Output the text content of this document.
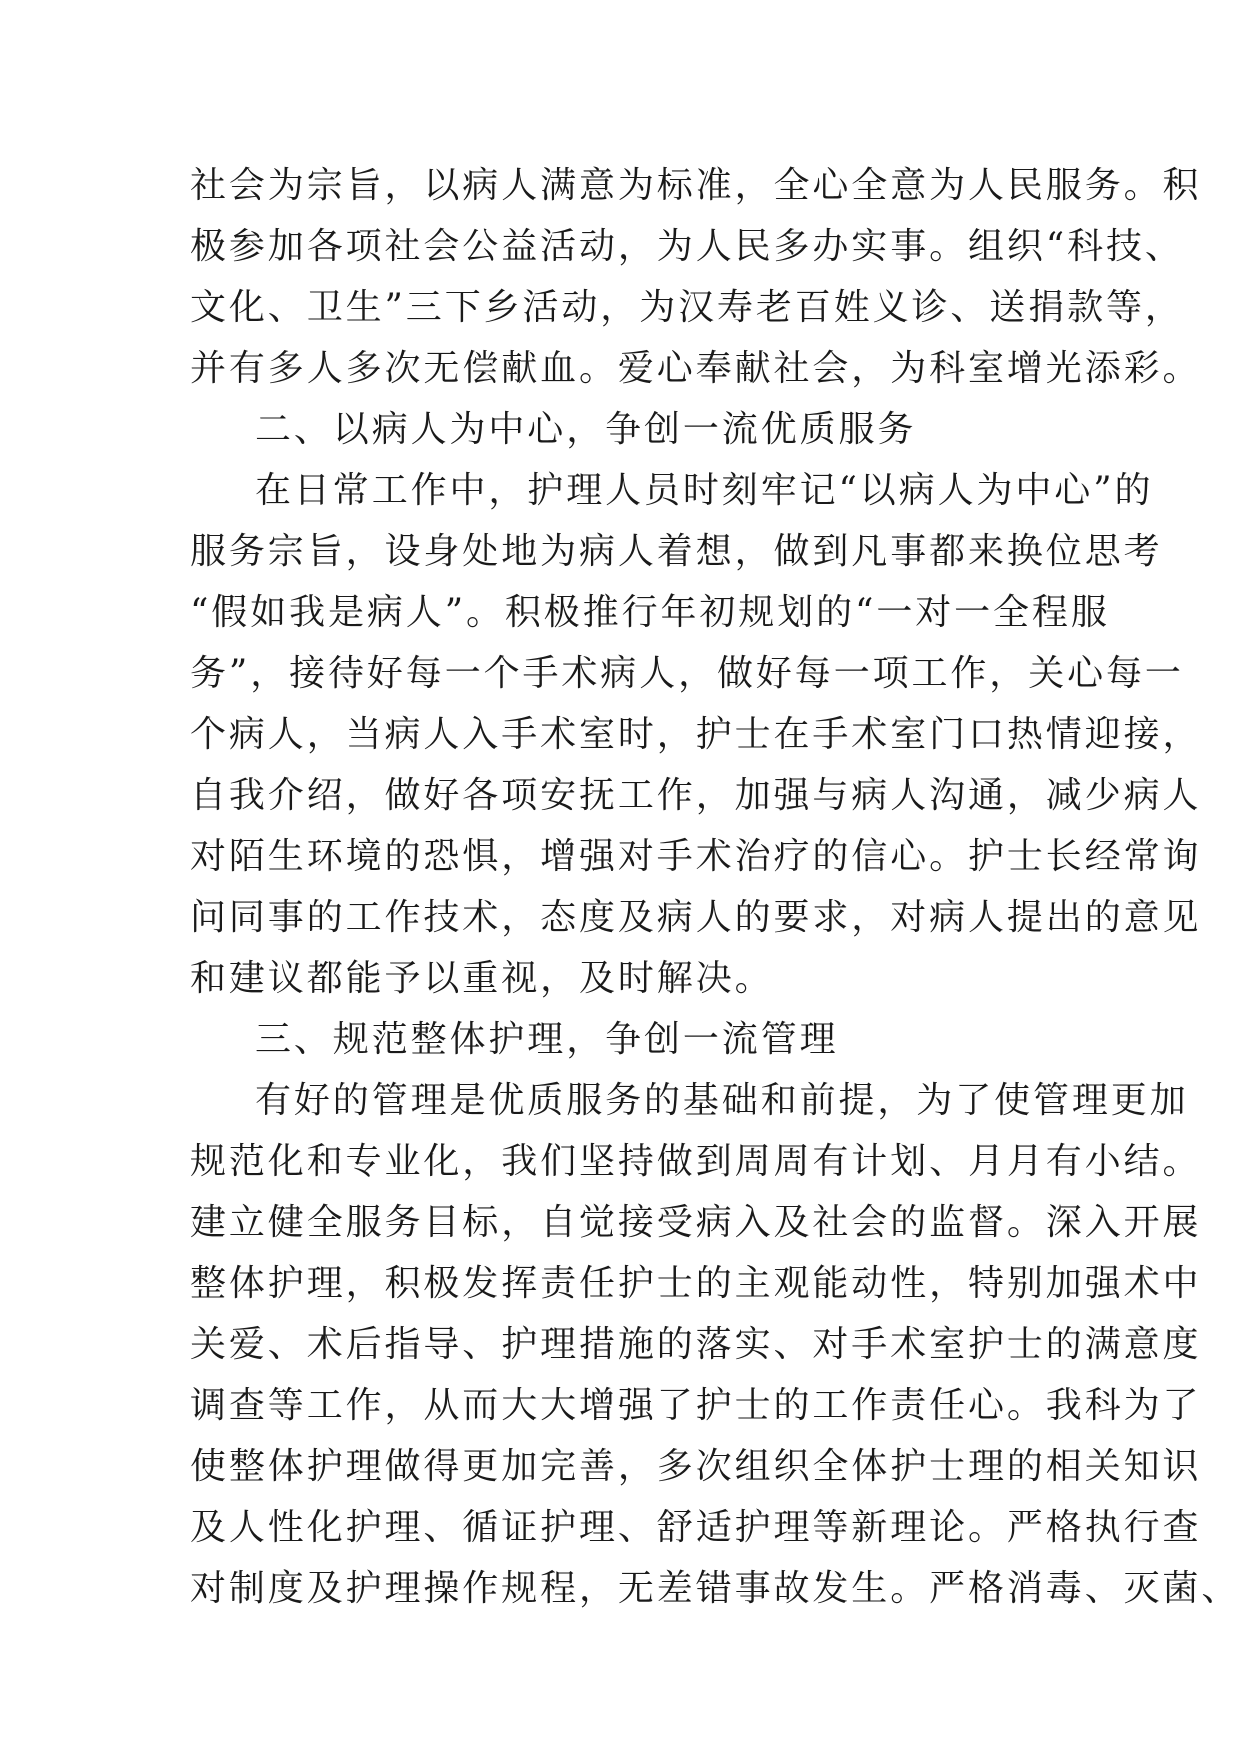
社会为宗旨，以病人满意为标准，全心全意为人民服务。积
极参加各项社会公益活动，为人民多办实事。组织“科技、
文化、卫生”三下乡活动，为汉寿老百姓义诊、送捐款等，
并有多人多次无偿献血。爱心奉献社会，为科室增光添彩。
二、以病人为中心，争创一流优质服务
在日常工作中，护理人员时刻牢记“以病人为中心”的
服务宗旨，设身处地为病人着想，做到凡事都来换位思考
“假如我是病人”。积极推行年初规划的“一对一全程服
务”，接待好每一个手术病人，做好每一项工作，关心每一
个病人，当病人入手术室时，护士在手术室门口热情迎接，
自我介绍，做好各项安抚工作，加强与病人沟通，减少病人
对陌生环境的恐惧，增强对手术治疗的信心。护士长经常询
问同事的工作技术，态度及病人的要求，对病人提出的意见
和建议都能予以重视，及时解决。
三、规范整体护理，争创一流管理
有好的管理是优质服务的基础和前提，为了使管理更加
规范化和专业化，我们坚持做到周周有计划、月月有小结。
建立健全服务目标，自觉接受病入及社会的监督。深入开展
整体护理，积极发挥责任护士的主观能动性，特别加强术中
关爱、术后指导、护理措施的落实、对手术室护士的满意度
调查等工作，从而大大增强了护士的工作责任心。我科为了
使整体护理做得更加完善，多次组织全体护士理的相关知识
及人性化护理、循证护理、舒适护理等新理论。严格执行查
对制度及护理操作规程，无差错事故发生。严格消毒、灭菌、
